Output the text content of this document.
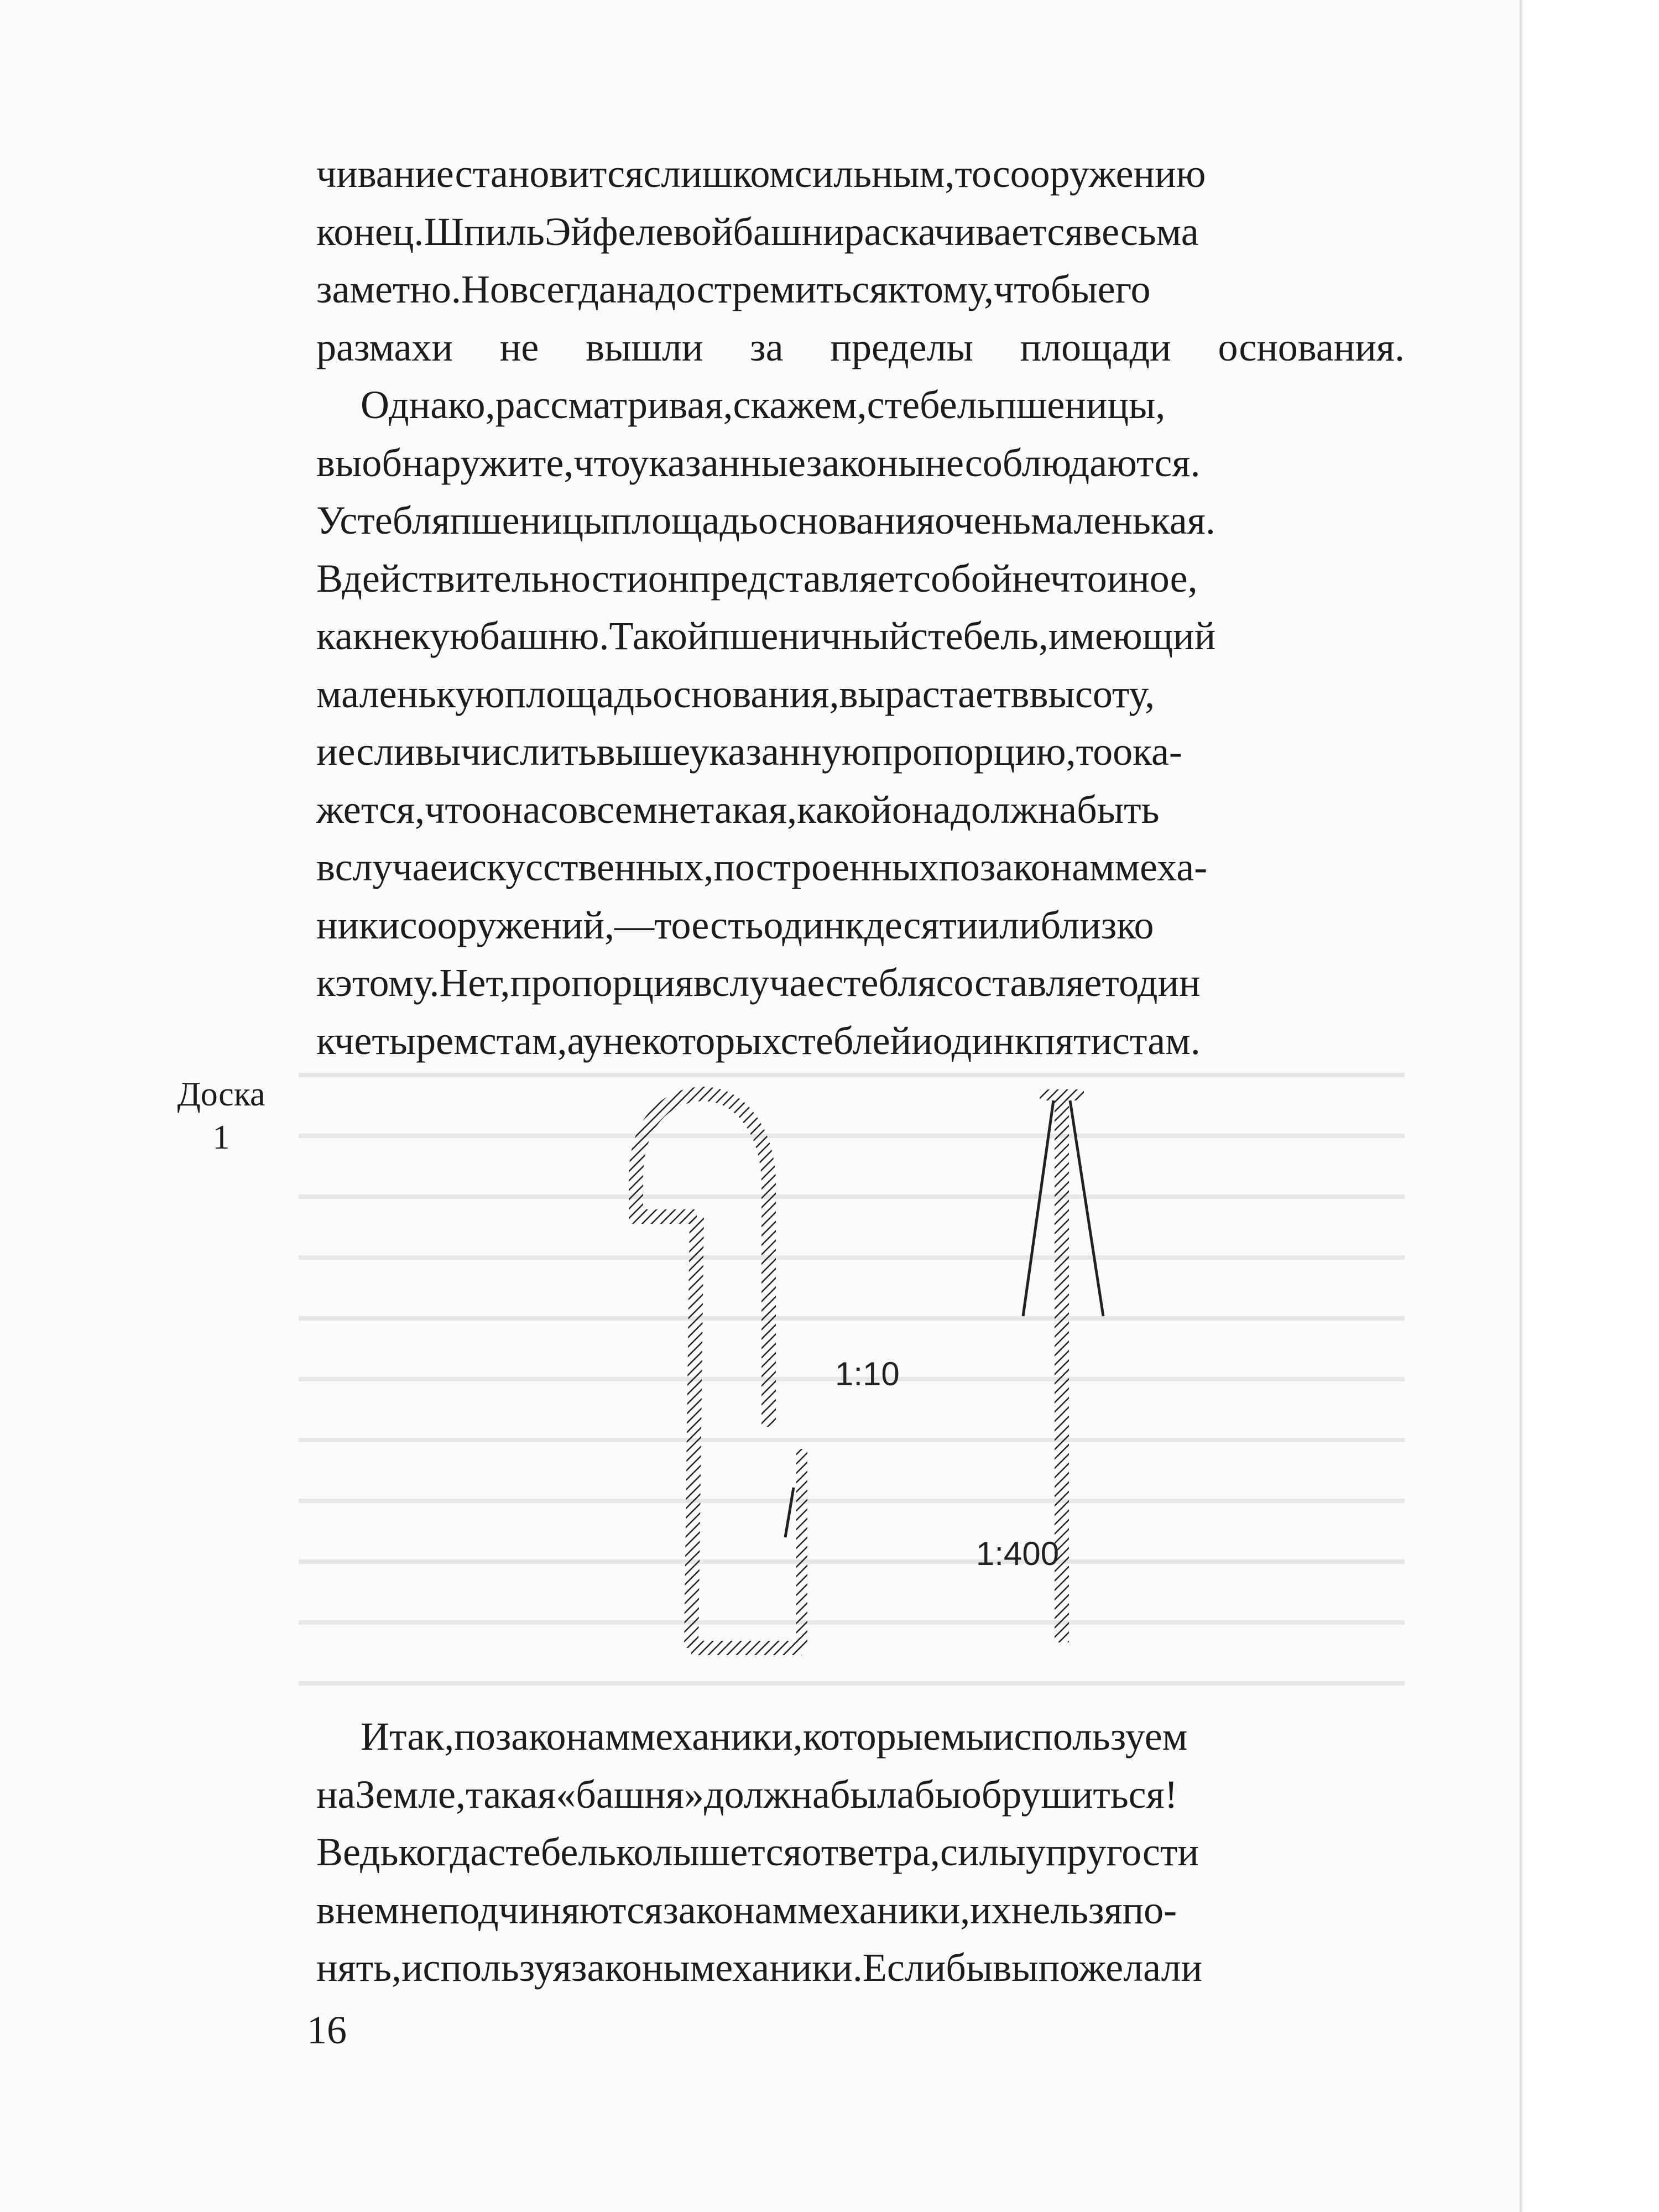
чиваниестановитсяслишкомсильным,тосооружению
конец.ШпильЭйфелевойбашнираскачиваетсявесьма
заметно.Новсегданадостремитьсяктому,чтобыего
размахи не вышли за пределы площади основания.
Однако,рассматривая,скажем,стебельпшеницы,
выобнаружите,чтоуказанныезаконынесоблюдаются.
Устебляпшеницыплощадьоснованияоченьмаленькая.
Вдействительностионпредставляетсобойнечтоиное,
какнекуюбашню.Такойпшеничныйстебель,имеющий
маленькуюплощадьоснования,вырастаетввысоту,
иесливычислитьвышеуказаннуюпропорцию,тоока-
жется,чтоонасовсемнетакая,какойонадолжнабыть
вслучаеискусственных,построенныхпозаконаммеха-
никисооружений,—тоестьодинкдесятиилиблизко
кэтому.Нет,пропорциявслучаестеблясоставляетодин
кчетыремстам,аунекоторыхстеблейиодинкпятистам.
Доска
1
1:10
1:400
Итак,позаконаммеханики,которыемыиспользуем
наЗемле,такая«башня»должнабылабыобрушиться!
Ведькогдастебельколышетсяответра,силыупругости
внемнеподчиняютсязаконаммеханики,ихнельзяпо-
нять,используязаконымеханики.Еслибывыпожелали
16
